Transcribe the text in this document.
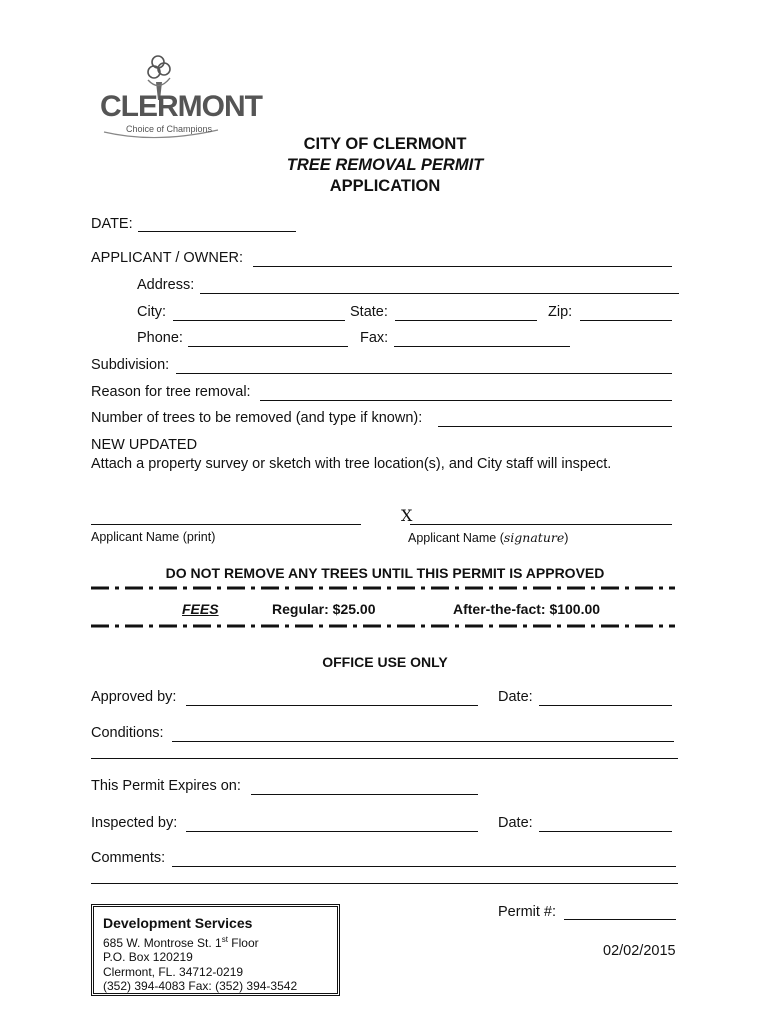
CLERMONT
Choice of Champions
CITY OF CLERMONT
TREE REMOVAL PERMIT
APPLICATION
DATE:
APPLICANT / OWNER:
Address:
City:	State:	Zip:
Phone:	Fax:
Subdivision:
Reason for tree removal:
Number of trees to be removed (and type if known):
NEW UPDATED
Attach a property survey or sketch with tree location(s), and City staff will inspect.
X
Applicant Name (print)	Applicant Name (signature)
DO NOT REMOVE ANY TREES UNTIL THIS PERMIT IS APPROVED
FEES	Regular: $25.00	After-the-fact: $100.00
OFFICE USE ONLY
Approved by:	Date:
Conditions:
This Permit Expires on:
Inspected by:	Date:
Comments:
Development Services
685 W. Montrose St. 1st Floor
P.O. Box 120219
Clermont, FL. 34712-0219
(352) 394-4083 Fax: (352) 394-3542
Permit #:
02/02/2015
